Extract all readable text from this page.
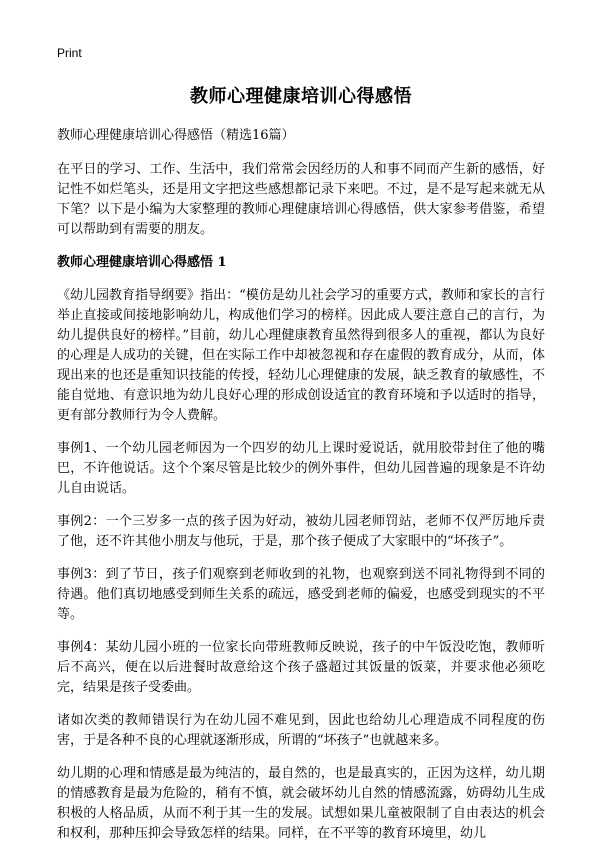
Print
教师心理健康培训心得感悟

教师心理健康培训心得感悟（精选16篇）

在平日的学习、工作、生活中，我们常常会因经历的人和事不同而产生新的感悟，好记性不如烂笔头，还是用文字把这些感想都记录下来吧。不过，是不是写起来就无从下笔？以下是小编为大家整理的教师心理健康培训心得感悟，供大家参考借鉴，希望可以帮助到有需要的朋友。

教师心理健康培训心得感悟 1

《幼儿园教育指导纲要》指出：“模仿是幼儿社会学习的重要方式，教师和家长的言行举止直接或间接地影响幼儿，构成他们学习的榜样。因此成人要注意自己的言行，为幼儿提供良好的榜样。”目前，幼儿心理健康教育虽然得到很多人的重视，都认为良好的心理是人成功的关键，但在实际工作中却被忽视和存在虚假的教育成分，从而，体现出来的也还是重知识技能的传授，轻幼儿心理健康的发展，缺乏教育的敏感性，不能自觉地、有意识地为幼儿良好心理的形成创设适宜的教育环境和予以适时的指导，更有部分教师行为令人费解。

事例1、一个幼儿园老师因为一个四岁的幼儿上课时爱说话，就用胶带封住了他的嘴巴，不许他说话。这个个案尽管是比较少的例外事件，但幼儿园普遍的现象是不许幼儿自由说话。

事例2：一个三岁多一点的孩子因为好动，被幼儿园老师罚站，老师不仅严厉地斥责了他，还不许其他小朋友与他玩，于是，那个孩子便成了大家眼中的“坏孩子”。

事例3：到了节日，孩子们观察到老师收到的礼物，也观察到送不同礼物得到不同的待遇。他们真切地感受到师生关系的疏远，感受到老师的偏爱，也感受到现实的不平等。

事例4：某幼儿园小班的一位家长向带班教师反映说，孩子的中午饭没吃饱，教师听后不高兴，便在以后进餐时故意给这个孩子盛超过其饭量的饭菜，并要求他必须吃完，结果是孩子受委曲。

诸如次类的教师错误行为在幼儿园不难见到，因此也给幼儿心理造成不同程度的伤害，于是各种不良的心理就逐渐形成，所谓的“坏孩子”也就越来多。

幼儿期的心理和情感是最为纯洁的，最自然的，也是最真实的，正因为这样，幼儿期的情感教育是最为危险的，稍有不慎，就会破坏幼儿自然的情感流露，妨碍幼儿生成积极的人格品质，从而不利于其一生的发展。试想如果儿童被限制了自由表达的机会和权利，那种压抑会导致怎样的结果。同样，在不平等的教育环境里，幼儿
